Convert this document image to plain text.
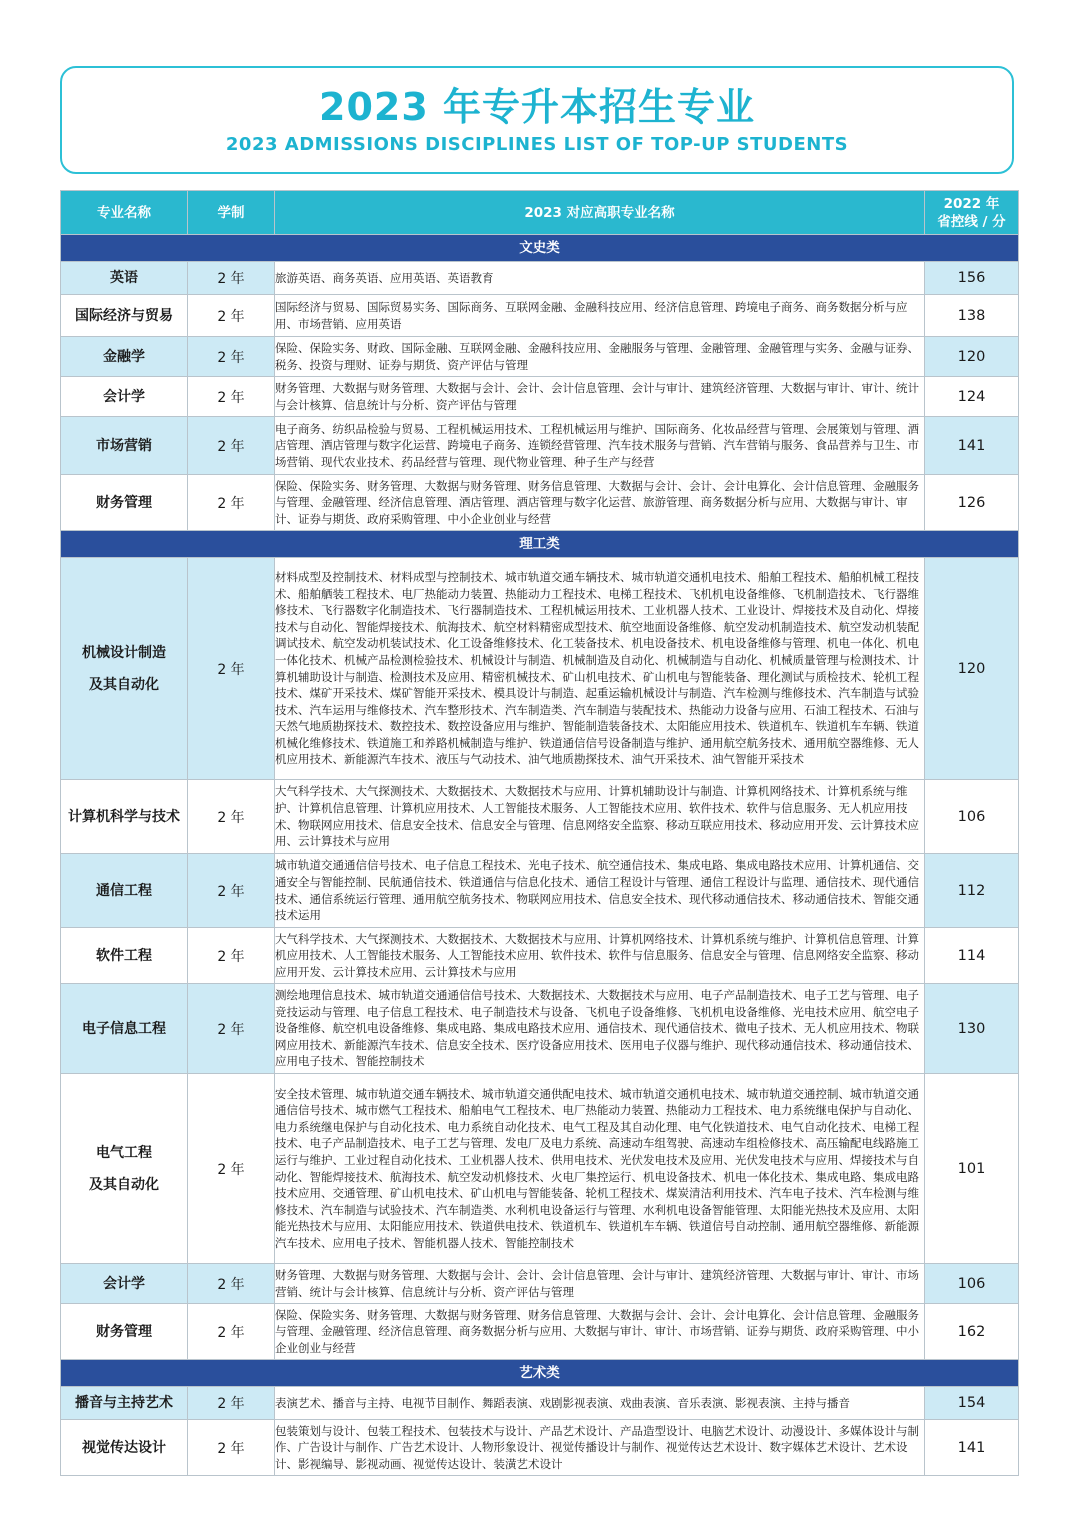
2023 年专升本招生专业
2023 ADMISSIONS DISCIPLINES LIST OF TOP-UP STUDENTS
专业名称	学制	2023 对应高职专业名称	2022 年
省控线 / 分
文史类			
英语	2 年	旅游英语、商务英语、应用英语、英语教育	156
国际经济与贸易	2 年	国际经济与贸易、国际贸易实务、国际商务、互联网金融、金融科技应用、经济信息管理、跨境电子商务、商务数据分析与应用、市场营销、应用英语	138
金融学	2 年	保险、保险实务、财政、国际金融、互联网金融、金融科技应用、金融服务与管理、金融管理、金融管理与实务、金融与证券、税务、投资与理财、证券与期货、资产评估与管理	120
会计学	2 年	财务管理、大数据与财务管理、大数据与会计、会计、会计信息管理、会计与审计、建筑经济管理、大数据与审计、审计、统计与会计核算、信息统计与分析、资产评估与管理	124
市场营销	2 年	电子商务、纺织品检验与贸易、工程机械运用技术、工程机械运用与维护、国际商务、化妆品经营与管理、会展策划与管理、酒店管理、酒店管理与数字化运营、跨境电子商务、连锁经营管理、汽车技术服务与营销、汽车营销与服务、食品营养与卫生、市场营销、现代农业技术、药品经营与管理、现代物业管理、种子生产与经营	141
财务管理	2 年	保险、保险实务、财务管理、大数据与财务管理、财务信息管理、大数据与会计、会计、会计电算化、会计信息管理、金融服务与管理、金融管理、经济信息管理、酒店管理、酒店管理与数字化运营、旅游管理、商务数据分析与应用、大数据与审计、审计、证券与期货、政府采购管理、中小企业创业与经营	126
理工类			
机械设计制造
及其自动化	2 年	材料成型及控制技术、材料成型与控制技术、城市轨道交通车辆技术、城市轨道交通机电技术、船舶工程技术、船舶机械工程技术、船舶舾装工程技术、电厂热能动力装置、热能动力工程技术、电梯工程技术、飞机机电设备维修、飞机制造技术、飞行器维修技术、飞行器数字化制造技术、飞行器制造技术、工程机械运用技术、工业机器人技术、工业设计、焊接技术及自动化、焊接技术与自动化、智能焊接技术、航海技术、航空材料精密成型技术、航空地面设备维修、航空发动机制造技术、航空发动机装配调试技术、航空发动机装试技术、化工设备维修技术、化工装备技术、机电设备技术、机电设备维修与管理、机电一体化、机电一体化技术、机械产品检测检验技术、机械设计与制造、机械制造及自动化、机械制造与自动化、机械质量管理与检测技术、计算机辅助设计与制造、检测技术及应用、精密机械技术、矿山机电技术、矿山机电与智能装备、理化测试与质检技术、轮机工程技术、煤矿开采技术、煤矿智能开采技术、模具设计与制造、起重运输机械设计与制造、汽车检测与维修技术、汽车制造与试验技术、汽车运用与维修技术、汽车整形技术、汽车制造类、汽车制造与装配技术、热能动力设备与应用、石油工程技术、石油与天然气地质勘探技术、数控技术、数控设备应用与维护、智能制造装备技术、太阳能应用技术、铁道机车、铁道机车车辆、铁道机械化维修技术、铁道施工和养路机械制造与维护、铁道通信信号设备制造与维护、通用航空航务技术、通用航空器维修、无人机应用技术、新能源汽车技术、液压与气动技术、油气地质勘探技术、油气开采技术、油气智能开采技术	120
计算机科学与技术	2 年	大气科学技术、大气探测技术、大数据技术、大数据技术与应用、计算机辅助设计与制造、计算机网络技术、计算机系统与维护、计算机信息管理、计算机应用技术、人工智能技术服务、人工智能技术应用、软件技术、软件与信息服务、无人机应用技术、物联网应用技术、信息安全技术、信息安全与管理、信息网络安全监察、移动互联应用技术、移动应用开发、云计算技术应用、云计算技术与应用	106
通信工程	2 年	城市轨道交通通信信号技术、电子信息工程技术、光电子技术、航空通信技术、集成电路、集成电路技术应用、计算机通信、交通安全与智能控制、民航通信技术、铁道通信与信息化技术、通信工程设计与管理、通信工程设计与监理、通信技术、现代通信技术、通信系统运行管理、通用航空航务技术、物联网应用技术、信息安全技术、现代移动通信技术、移动通信技术、智能交通技术运用	112
软件工程	2 年	大气科学技术、大气探测技术、大数据技术、大数据技术与应用、计算机网络技术、计算机系统与维护、计算机信息管理、计算机应用技术、人工智能技术服务、人工智能技术应用、软件技术、软件与信息服务、信息安全与管理、信息网络安全监察、移动应用开发、云计算技术应用、云计算技术与应用	114
电子信息工程	2 年	测绘地理信息技术、城市轨道交通通信信号技术、大数据技术、大数据技术与应用、电子产品制造技术、电子工艺与管理、电子竞技运动与管理、电子信息工程技术、电子制造技术与设备、飞机电子设备维修、飞机机电设备维修、光电技术应用、航空电子设备维修、航空机电设备维修、集成电路、集成电路技术应用、通信技术、现代通信技术、微电子技术、无人机应用技术、物联网应用技术、新能源汽车技术、信息安全技术、医疗设备应用技术、医用电子仪器与维护、现代移动通信技术、移动通信技术、应用电子技术、智能控制技术	130
电气工程
及其自动化	2 年	安全技术管理、城市轨道交通车辆技术、城市轨道交通供配电技术、城市轨道交通机电技术、城市轨道交通控制、城市轨道交通通信信号技术、城市燃气工程技术、船舶电气工程技术、电厂热能动力装置、热能动力工程技术、电力系统继电保护与自动化、电力系统继电保护与自动化技术、电力系统自动化技术、电气工程及其自动化理、电气化铁道技术、电气自动化技术、电梯工程技术、电子产品制造技术、电子工艺与管理、发电厂及电力系统、高速动车组驾驶、高速动车组检修技术、高压输配电线路施工运行与维护、工业过程自动化技术、工业机器人技术、供用电技术、光伏发电技术及应用、光伏发电技术与应用、焊接技术与自动化、智能焊接技术、航海技术、航空发动机修技术、火电厂集控运行、机电设备技术、机电一体化技术、集成电路、集成电路技术应用、交通管理、矿山机电技术、矿山机电与智能装备、轮机工程技术、煤炭清洁利用技术、汽车电子技术、汽车检测与维修技术、汽车制造与试验技术、汽车制造类、水利机电设备运行与管理、水利机电设备智能管理、太阳能光热技术及应用、太阳能光热技术与应用、太阳能应用技术、铁道供电技术、铁道机车、铁道机车车辆、铁道信号自动控制、通用航空器维修、新能源汽车技术、应用电子技术、智能机器人技术、智能控制技术	101
会计学	2 年	财务管理、大数据与财务管理、大数据与会计、会计、会计信息管理、会计与审计、建筑经济管理、大数据与审计、审计、市场营销、统计与会计核算、信息统计与分析、资产评估与管理	106
财务管理	2 年	保险、保险实务、财务管理、大数据与财务管理、财务信息管理、大数据与会计、会计、会计电算化、会计信息管理、金融服务与管理、金融管理、经济信息管理、商务数据分析与应用、大数据与审计、审计、市场营销、证券与期货、政府采购管理、中小企业创业与经营	162
艺术类			
播音与主持艺术	2 年	表演艺术、播音与主持、电视节目制作、舞蹈表演、戏剧影视表演、戏曲表演、音乐表演、影视表演、主持与播音	154
视觉传达设计	2 年	包装策划与设计、包装工程技术、包装技术与设计、产品艺术设计、产品造型设计、电脑艺术设计、动漫设计、多媒体设计与制作、广告设计与制作、广告艺术设计、人物形象设计、视觉传播设计与制作、视觉传达艺术设计、数字媒体艺术设计、艺术设计、影视编导、影视动画、视觉传达设计、装潢艺术设计	141
